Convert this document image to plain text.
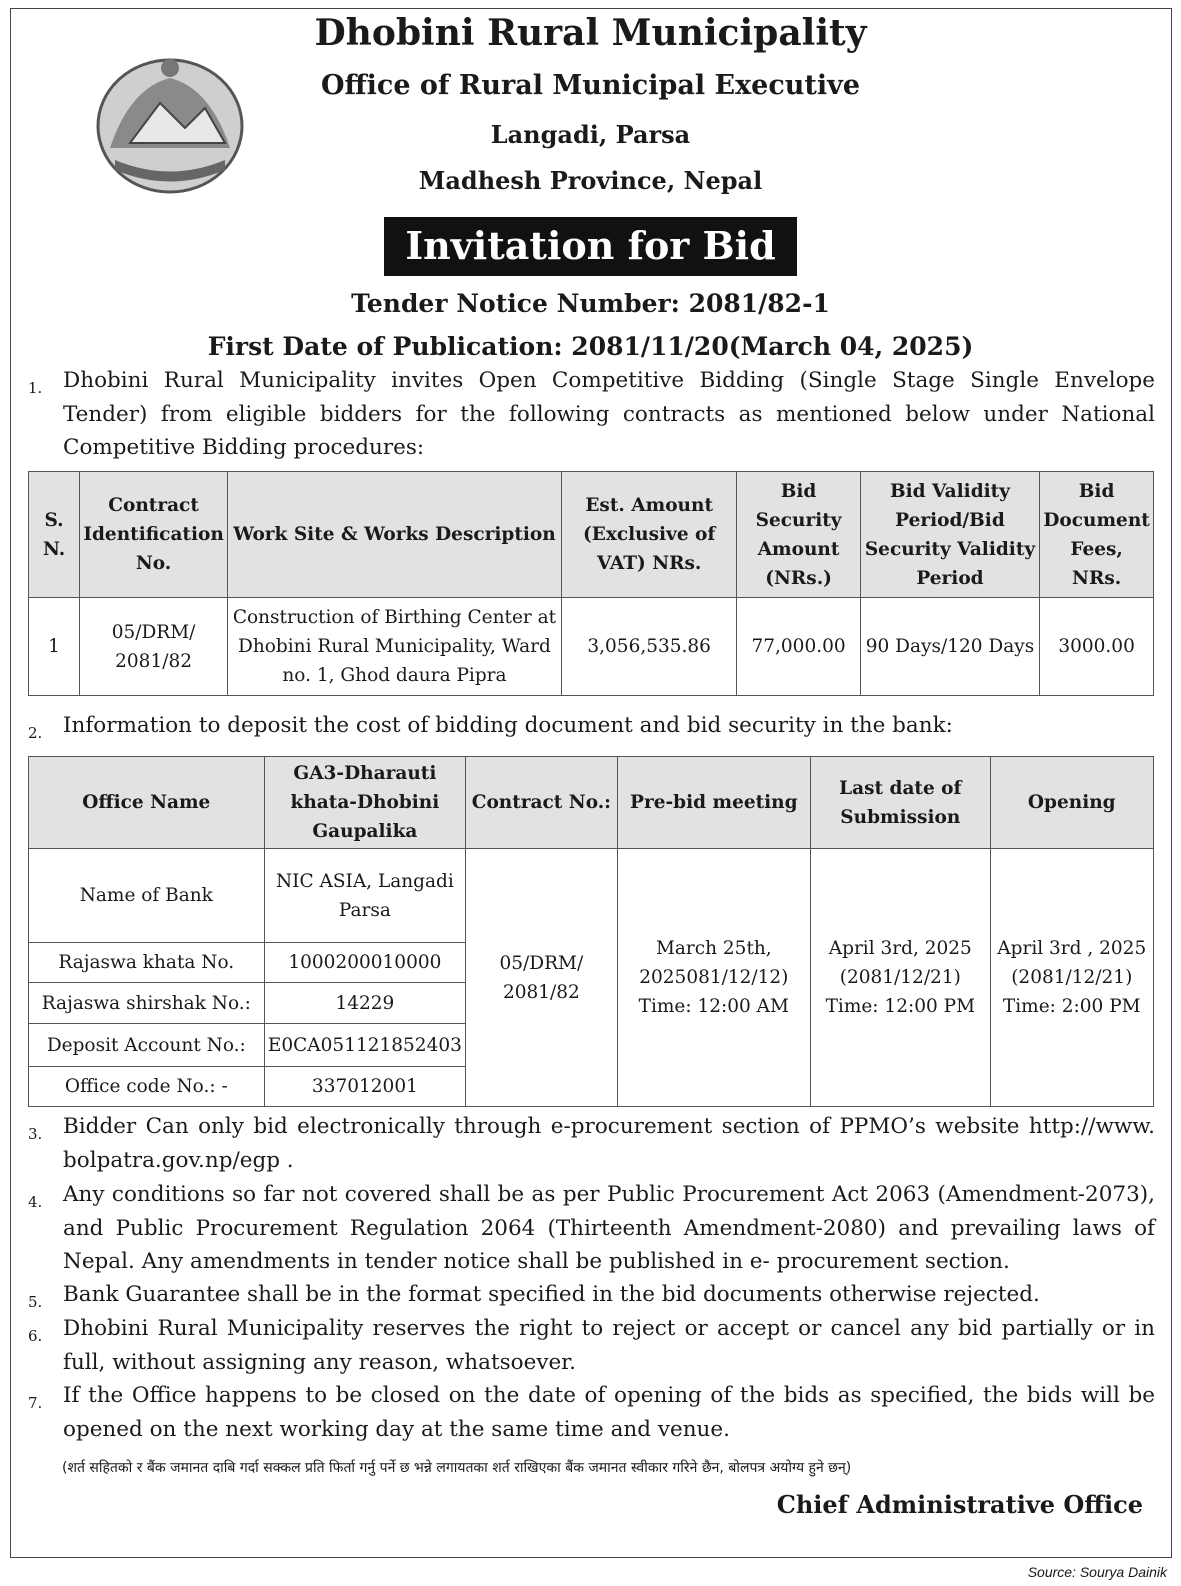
Dhobini Rural Municipality
Office of Rural Municipal Executive
Langadi, Parsa
Madhesh Province, Nepal
Invitation for Bid
Tender Notice Number: 2081/82-1
First Date of Publication: 2081/11/20(March 04, 2025)
1. Dhobini Rural Municipality invites Open Competitive Bidding (Single Stage Single Envelope Tender) from eligible bidders for the following contracts as mentioned below under National Competitive Bidding procedures:
S. N.	Contract Identification No.	Work Site & Works Description	Est. Amount (Exclusive of VAT) NRs.	Bid Security Amount (NRs.)	Bid Validity Period/Bid Security Validity Period	Bid Document Fees, NRs.
1	05/DRM/ 2081/82	Construction of Birthing Center at Dhobini Rural Municipality, Ward no. 1, Ghod daura Pipra	3,056,535.86	77,000.00	90 Days/120 Days	3000.00
2. Information to deposit the cost of bidding document and bid security in the bank:
Office Name	GA3-Dharauti khata-Dhobini Gaupalika	Contract No.:	Pre-bid meeting	Last date of Submission	Opening
Name of Bank	NIC ASIA, Langadi Parsa	05/DRM/ 2081/82	March 25th, 2025081/12/12) Time: 12:00 AM	April 3rd, 2025 (2081/12/21) Time: 12:00 PM	April 3rd , 2025 (2081/12/21) Time: 2:00 PM
Rajaswa khata No.	1000200010000				
Rajaswa shirshak No.:	14229				
Deposit Account No.:	E0CA051121852403				
Office code No.: -	337012001				
3. Bidder Can only bid electronically through e-procurement section of PPMO’s website http://www. bolpatra.gov.np/egp .
4. Any conditions so far not covered shall be as per Public Procurement Act 2063 (Amendment-2073), and Public Procurement Regulation 2064 (Thirteenth Amendment-2080) and prevailing laws of Nepal. Any amendments in tender notice shall be published in e- procurement section.
5. Bank Guarantee shall be in the format specified in the bid documents otherwise rejected.
6. Dhobini Rural Municipality reserves the right to reject or accept or cancel any bid partially or in full, without assigning any reason, whatsoever.
7. If the Office happens to be closed on the date of opening of the bids as specified, the bids will be opened on the next working day at the same time and venue.
(शर्त सहितको र बैंक जमानत दाबि गर्दा सक्कल प्रति फिर्ता गर्नु पर्ने छ भन्ने लगायतका शर्त राखिएका बैंक जमानत स्वीकार गरिने छैन, बोलपत्र अयोग्य हुने छन्)
Chief Administrative Office
Source: Sourya Dainik
